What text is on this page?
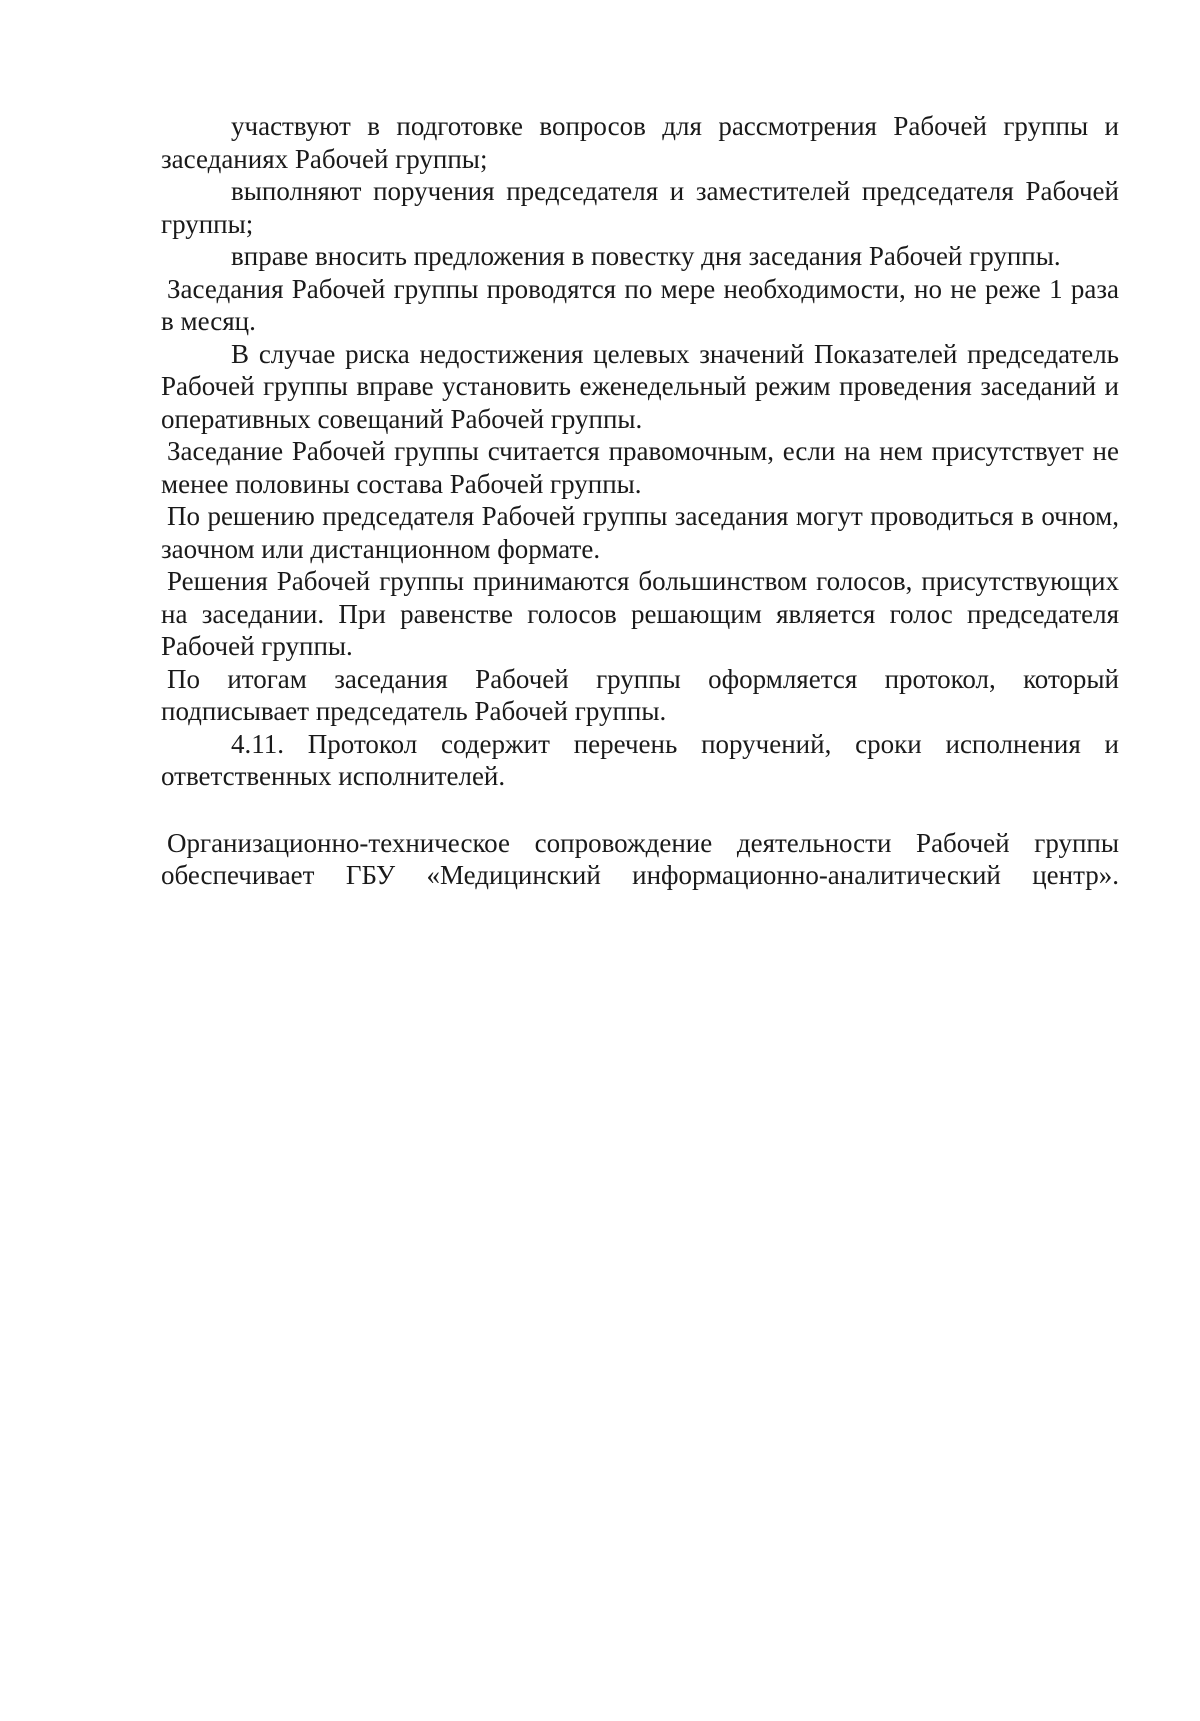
участвуют в подготовке вопросов для рассмотрения Рабочей группы и заседаниях Рабочей группы;

выполняют поручения председателя и заместителей председателя Рабочей группы;

вправе вносить предложения в повестку дня заседания Рабочей группы.

Заседания Рабочей группы проводятся по мере необходимости, но не реже 1 раза в месяц.

В случае риска недостижения целевых значений Показателей председатель Рабочей группы вправе установить еженедельный режим проведения заседаний и оперативных совещаний Рабочей группы.

Заседание Рабочей группы считается правомочным, если на нем присутствует не менее половины состава Рабочей группы.

По решению председателя Рабочей группы заседания могут проводиться в очном, заочном или дистанционном формате.

Решения Рабочей группы принимаются большинством голосов, присутствующих на заседании. При равенстве голосов решающим является голос председателя Рабочей группы.

По итогам заседания Рабочей группы оформляется протокол, который подписывает председатель Рабочей группы.

4.11. Протокол содержит перечень поручений, сроки исполнения и ответственных исполнителей.

Организационно-техническое сопровождение деятельности Рабочей группы обеспечивает ГБУ «Медицинский информационно-аналитический центр».
